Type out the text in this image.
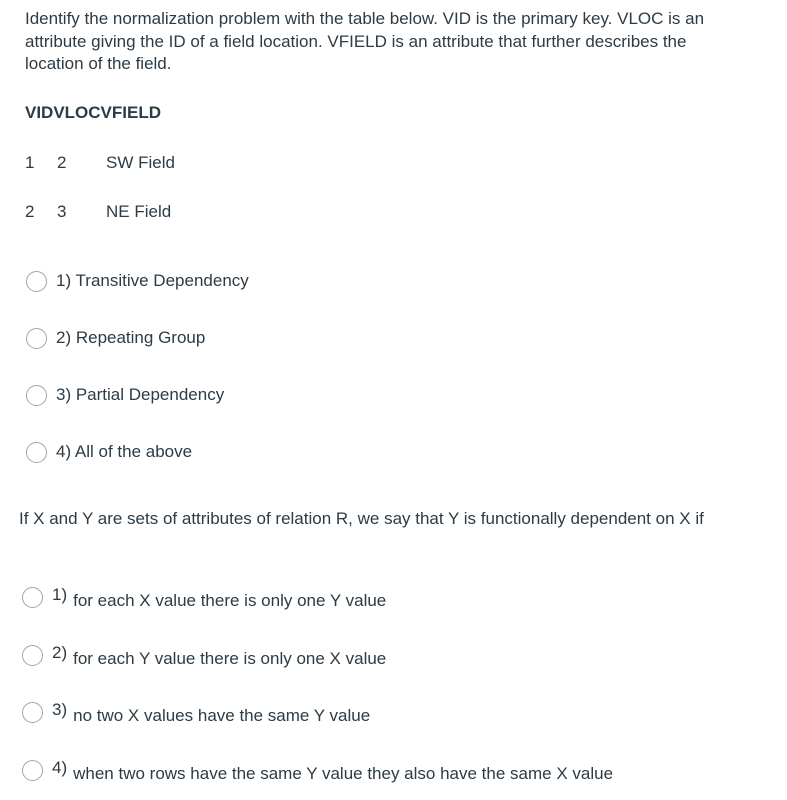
Identify the normalization problem with the table below. VID is the primary key. VLOC is an attribute giving the ID of a field location. VFIELD is an attribute that further describes the location of the field.
VIDVLOCVFIELD
1 2 SW Field
2 3 NE Field
1) Transitive Dependency
2) Repeating Group
3) Partial Dependency
4) All of the above
If X and Y are sets of attributes of relation R, we say that Y is functionally dependent on X if
1) for each X value there is only one Y value
2) for each Y value there is only one X value
3) no two X values have the same Y value
4) when two rows have the same Y value they also have the same X value
